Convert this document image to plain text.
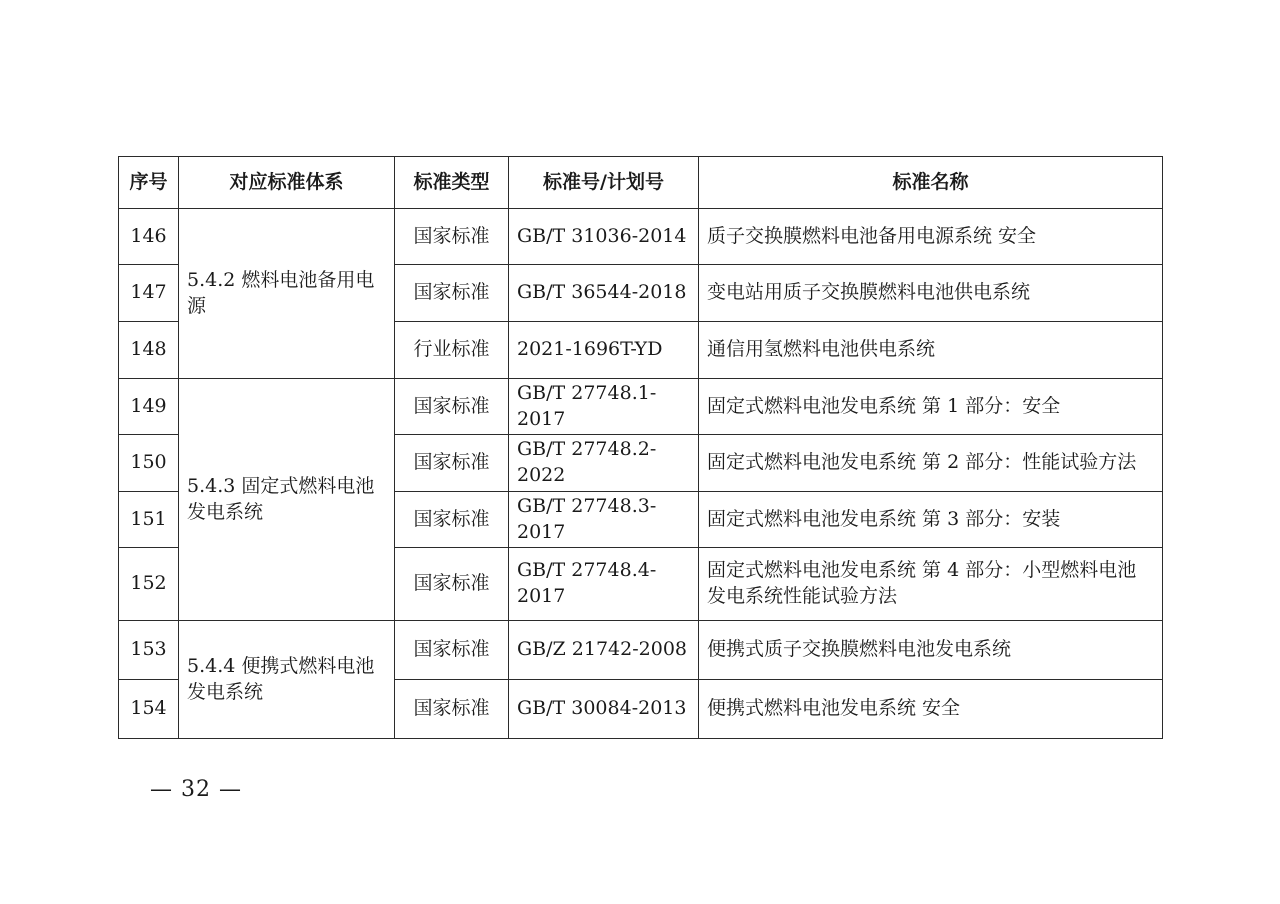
序号	对应标准体系	标准类型	标准号/计划号	标准名称
146	5.4.2 燃料电池备用电源	国家标准	GB/T 31036-2014	质子交换膜燃料电池备用电源系统 安全
147		国家标准	GB/T 36544-2018	变电站用质子交换膜燃料电池供电系统
148		行业标准	2021-1696T-YD	通信用氢燃料电池供电系统
149	5.4.3 固定式燃料电池发电系统	国家标准	GB/T 27748.1-2017	固定式燃料电池发电系统 第 1 部分：安全
150		国家标准	GB/T 27748.2-2022	固定式燃料电池发电系统 第 2 部分：性能试验方法
151		国家标准	GB/T 27748.3-2017	固定式燃料电池发电系统 第 3 部分：安装
152		国家标准	GB/T 27748.4-2017	固定式燃料电池发电系统 第 4 部分：小型燃料电池发电系统性能试验方法
153	5.4.4 便携式燃料电池发电系统	国家标准	GB/Z 21742-2008	便携式质子交换膜燃料电池发电系统
154		国家标准	GB/T 30084-2013	便携式燃料电池发电系统 安全
— 32 —
